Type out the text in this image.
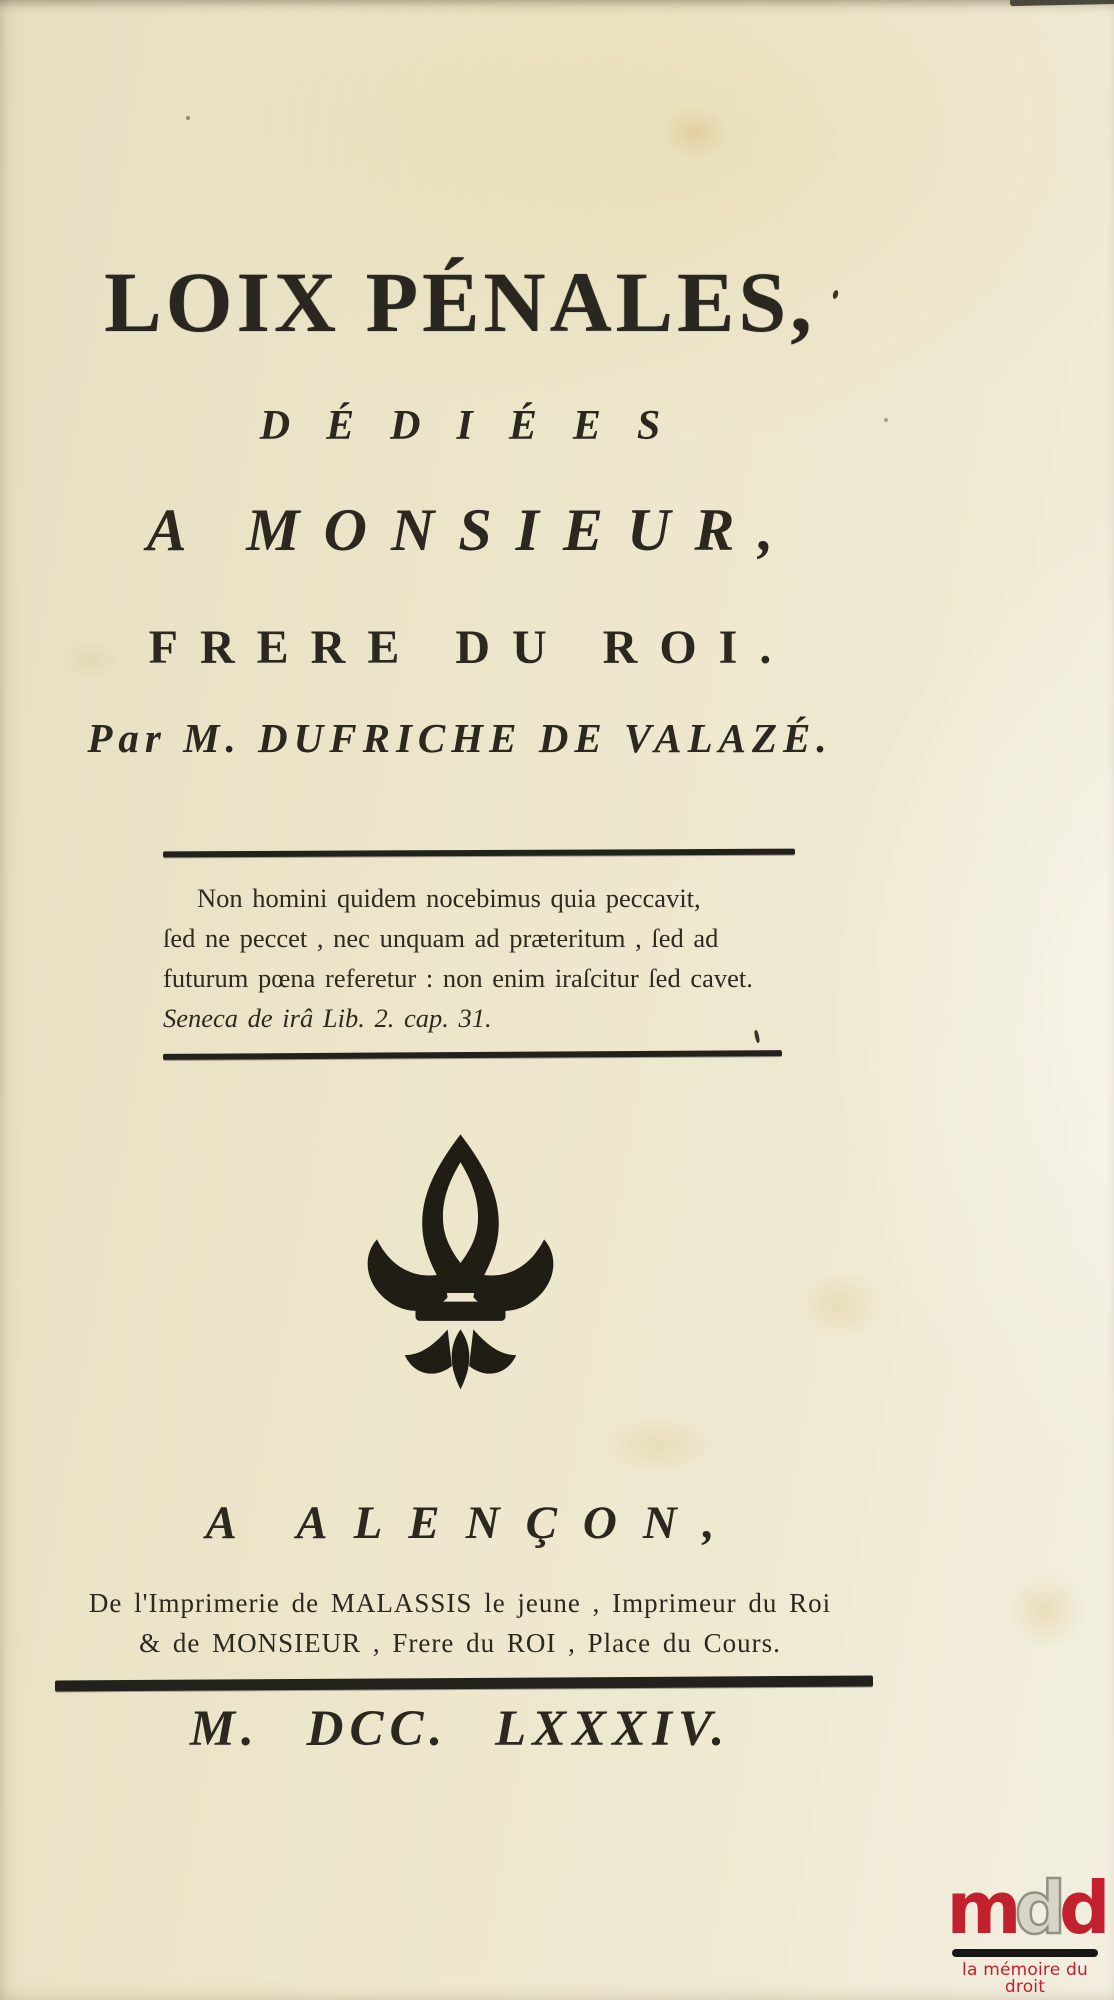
LOIX PÉNALES,
DÉDIÉES
A MONSIEUR,
FRERE DU ROI.
Par M. DUFRICHE DE VALAZÉ.
Non homini quidem nocebimus quia peccavit,
ſed ne peccet , nec unquam ad præteritum , ſed ad
futurum pœna referetur : non enim iraſcitur ſed cavet.
Seneca de irâ Lib. 2. cap. 31.
A ALENÇON,
De l'Imprimerie de MALASSIS le jeune , Imprimeur du Roi
& de MONSIEUR , Frere du ROI , Place du Cours.
M. DCC. LXXXIV.
mdd
la mémoire du droit
